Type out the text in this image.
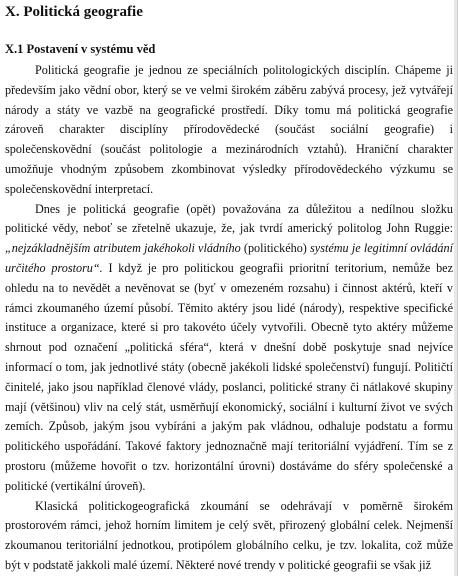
X. Politická geografie
X.1 Postavení v systému věd

Politická geografie je jednou ze speciálních politologických disciplín. Chápeme ji především jako vědní obor, který se ve velmi širokém záběru zabývá procesy, jež vytvářejí národy a státy ve vazbě na geografické prostředí. Díky tomu má politická geografie zároveň charakter disciplíny přírodovědecké (součást sociální geografie) i společenskovědní (součást politologie a mezinárodních vztahů). Hraniční charakter umožňuje vhodným způsobem zkombinovat výsledky přírodovědeckého výzkumu se společenskovědní interpretací.

Dnes je politická geografie (opět) považována za důležitou a nedílnou složku politické vědy, neboť se zřetelně ukazuje, že, jak tvrdí americký politolog John Ruggie: „nejzákladnějším atributem jakéhokoli vládního (politického) systému je legitimní ovládání určitého prostoru“. I když je pro politickou geografii prioritní teritorium, nemůže bez ohledu na to nevědět a nevěnovat se (byť v omezeném rozsahu) i činnost aktérů, kteří v rámci zkoumaného území působí. Těmito aktéry jsou lidé (národy), respektive specifické instituce a organizace, které si pro takovéto účely vytvořili. Obecně tyto aktéry můžeme shrnout pod označení „politická sféra“, která v dnešní době poskytuje snad nejvíce informací o tom, jak jednotlivé státy (obecně jakékoli lidské společenství) fungují. Političtí činitelé, jako jsou například členové vlády, poslanci, politické strany či nátlakové skupiny mají (většinou) vliv na celý stát, usměrňují ekonomický, sociální i kulturní život ve svých zemích. Způsob, jakým jsou vybíráni a jakým pak vládnou, odhaluje podstatu a formu politického uspořádání. Takové faktory jednoznačně mají teritoriální vyjádření. Tím se z prostoru (můžeme hovořit o tzv. horizontální úrovni) dostáváme do sféry společenské a politické (vertikální úroveň).

Klasická politickogeografická zkoumání se odehrávají v poměrně širokém prostorovém rámci, jehož horním limitem je celý svět, přirozený globální celek. Nejmenší zkoumanou teritoriální jednotkou, protipólem globálního celku, je tzv. lokalita, což může být v podstatě jakkoli malé území. Některé nové trendy v politické geografii se však již
